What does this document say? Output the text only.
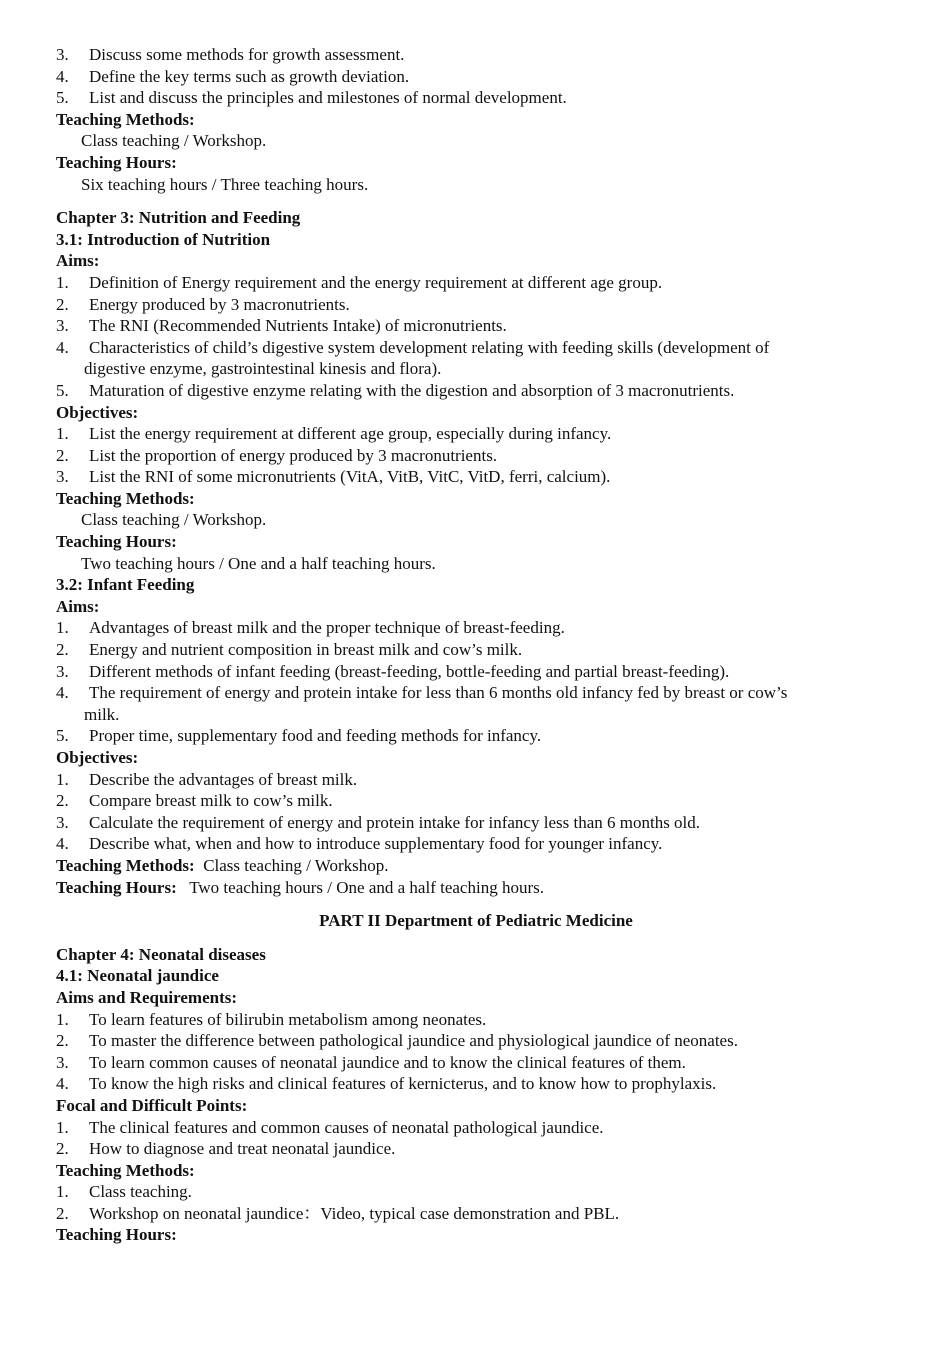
3. Discuss some methods for growth assessment.
4. Define the key terms such as growth deviation.
5. List and discuss the principles and milestones of normal development.
Teaching Methods:
Class teaching / Workshop.
Teaching Hours:
Six teaching hours / Three teaching hours.
Chapter 3: Nutrition and Feeding
3.1: Introduction of Nutrition
Aims:
1. Definition of Energy requirement and the energy requirement at different age group.
2. Energy produced by 3 macronutrients.
3. The RNI (Recommended Nutrients Intake) of micronutrients.
4. Characteristics of child’s digestive system development relating with feeding skills (development of
digestive enzyme, gastrointestinal kinesis and flora).
5. Maturation of digestive enzyme relating with the digestion and absorption of 3 macronutrients.
Objectives:
1. List the energy requirement at different age group, especially during infancy.
2. List the proportion of energy produced by 3 macronutrients.
3. List the RNI of some micronutrients (VitA, VitB, VitC, VitD, ferri, calcium).
Teaching Methods:
Class teaching / Workshop.
Teaching Hours:
Two teaching hours / One and a half teaching hours.
3.2: Infant Feeding
Aims:
1. Advantages of breast milk and the proper technique of breast-feeding.
2. Energy and nutrient composition in breast milk and cow’s milk.
3. Different methods of infant feeding (breast-feeding, bottle-feeding and partial breast-feeding).
4. The requirement of energy and protein intake for less than 6 months old infancy fed by breast or cow’s
milk.
5. Proper time, supplementary food and feeding methods for infancy.
Objectives:
1. Describe the advantages of breast milk.
2. Compare breast milk to cow’s milk.
3. Calculate the requirement of energy and protein intake for infancy less than 6 months old.
4. Describe what, when and how to introduce supplementary food for younger infancy.
Teaching Methods:  Class teaching / Workshop.
Teaching Hours:   Two teaching hours / One and a half teaching hours.
PART II Department of Pediatric Medicine
Chapter 4: Neonatal diseases
4.1: Neonatal jaundice
Aims and Requirements:
1. To learn features of bilirubin metabolism among neonates.
2. To master the difference between pathological jaundice and physiological jaundice of neonates.
3. To learn common causes of neonatal jaundice and to know the clinical features of them.
4. To know the high risks and clinical features of kernicterus, and to know how to prophylaxis.
Focal and Difficult Points:
1. The clinical features and common causes of neonatal pathological jaundice.
2. How to diagnose and treat neonatal jaundice.
Teaching Methods:
1. Class teaching.
2. Workshop on neonatal jaundice：Video, typical case demonstration and PBL.
Teaching Hours:
